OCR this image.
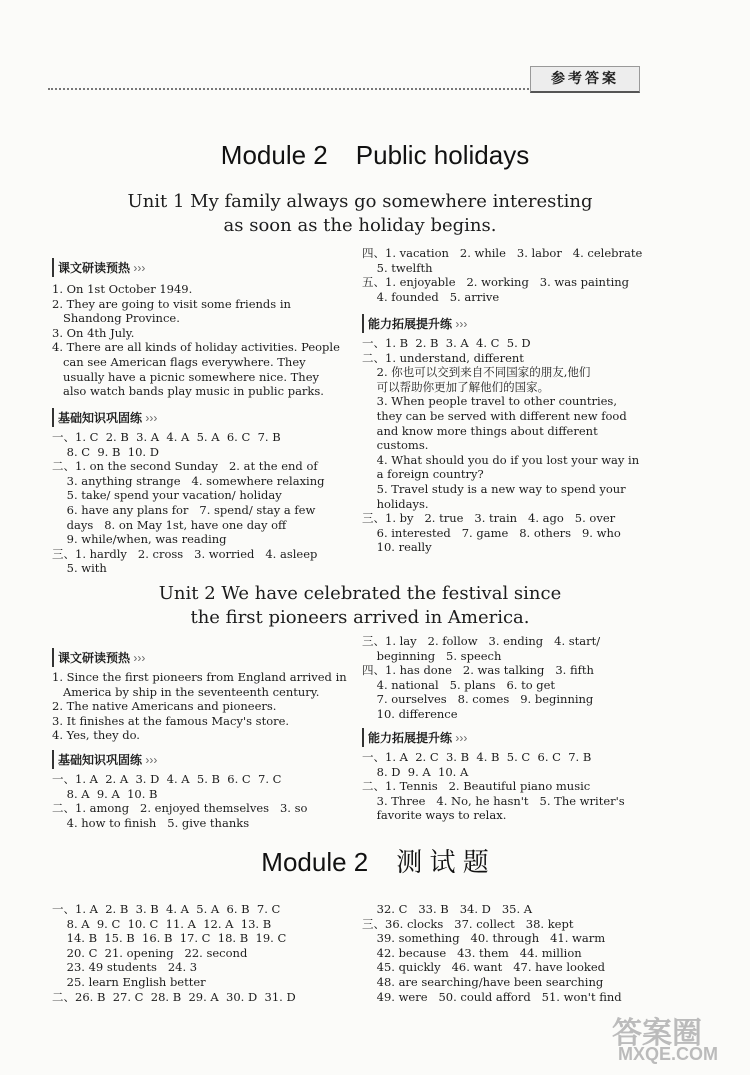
参考答案
Module 2 Public holidays
Unit 1 My family always go somewhere interesting
as soon as the holiday begins.
课文研读预热 ›››
1. On 1st October 1949.
2. They are going to visit some friends in
Shandong Province.
3. On 4th July.
4. There are all kinds of holiday activities. People
can see American flags everywhere. They
usually have a picnic somewhere nice. They
also watch bands play music in public parks.
基础知识巩固练 ›››
一、1. C  2. B  3. A  4. A  5. A  6. C  7. B
8. C  9. B  10. D
二、1. on the second Sunday   2. at the end of
3. anything strange   4. somewhere relaxing
5. take/ spend your vacation/ holiday
6. have any plans for   7. spend/ stay a few
days   8. on May 1st, have one day off
9. while/when, was reading
三、1. hardly   2. cross   3. worried   4. asleep
5. with
四、1. vacation   2. while   3. labor   4. celebrate
5. twelfth
五、1. enjoyable   2. working   3. was painting
4. founded   5. arrive
能力拓展提升练 ›››
一、1. B  2. B  3. A  4. C  5. D
二、1. understand, different
2. 你也可以交到来自不同国家的朋友,他们
可以帮助你更加了解他们的国家。
3. When people travel to other countries,
they can be served with different new food
and know more things about different
customs.
4. What should you do if you lost your way in
a foreign country?
5. Travel study is a new way to spend your
holidays.
三、1. by   2. true   3. train   4. ago   5. over
6. interested   7. game   8. others   9. who
10. really
Unit 2 We have celebrated the festival since
the first pioneers arrived in America.
课文研读预热 ›››
1. Since the first pioneers from England arrived in
America by ship in the seventeenth century.
2. The native Americans and pioneers.
3. It finishes at the famous Macy's store.
4. Yes, they do.
基础知识巩固练 ›››
一、1. A  2. A  3. D  4. A  5. B  6. C  7. C
8. A  9. A  10. B
二、1. among   2. enjoyed themselves   3. so
4. how to finish   5. give thanks
三、1. lay   2. follow   3. ending   4. start/
beginning   5. speech
四、1. has done   2. was talking   3. fifth
4. national   5. plans   6. to get
7. ourselves   8. comes   9. beginning
10. difference
能力拓展提升练 ›››
一、1. A  2. C  3. B  4. B  5. C  6. C  7. B
8. D  9. A  10. A
二、1. Tennis   2. Beautiful piano music
3. Three   4. No, he hasn't   5. The writer's
favorite ways to relax.
Module 2 测 试 题
一、1. A  2. B  3. B  4. A  5. A  6. B  7. C
8. A  9. C  10. C  11. A  12. A  13. B
14. B  15. B  16. B  17. C  18. B  19. C
20. C  21. opening   22. second
23. 49 students   24. 3
25. learn English better
二、26. B  27. C  28. B  29. A  30. D  31. D
32. C   33. B   34. D   35. A
三、36. clocks   37. collect   38. kept
39. something   40. through   41. warm
42. because   43. them   44. million
45. quickly   46. want   47. have looked
48. are searching/have been searching
49. were   50. could afford   51. won't find
答案圈
MXQE.COM
